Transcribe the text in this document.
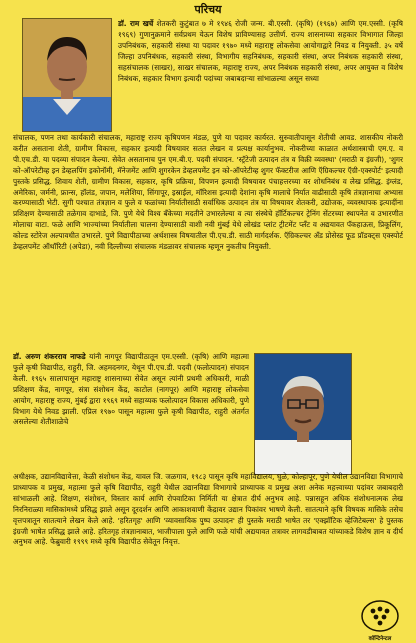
परिचय
डॉ. राम खर्चे शेतकरी कुटुंबात ७ मे १९४६ रोजी जन्म. बी.एस्सी. (कृषि) (१९६७) आणि एम.एस्सी. (कृषि १९६९) गुणानुक्रमाने सर्वप्रथम येऊन विशेष प्राविण्यासह उत्तीर्ण. राज्य शासनाच्या सहकार विभागात जिल्हा उपनिबंधक, सहकारी संस्था या पदावर १९७० मध्ये महाराष्ट्र लोकसेवा आयोगाद्वारे निवड व नियुक्ती. ३५ वर्षे जिल्हा उपनिबंधक, सहकारी संस्था, विभागीय सहनिबंधक, सहकारी संस्था, अपर निबंधक सहकारी संस्था, सहसंचालक (साखर), साखर संचालक, महाराष्ट्र राज्य, अपर निबंधक सहकारी संस्था, अपर आयुक्त व विशेष निबंधक, सहकार विभाग इत्यादी पदांच्या जबाबदाऱ्या सांभाळल्या असून सध्या
संचालक, पणन तथा कार्यकारी संचालक, महाराष्ट्र राज्य कृषिपणन मंडळ, पुणे या पदावर कार्यरत. सुरुवातीपासून शेतीची आवड. शासकीय नोकरी करीत असताना शेती, ग्रामीण विकास, सहकार इत्यादी विषयावर सतत लेखन व प्रत्यक्ष कार्यानुभव. नोकरीच्या काळात अर्थशास्त्राची एम.ए. व पी.एच.डी. या पदव्या संपादन केल्या. सेवेत असतानाच पुन एम.बी.ए. पदवी संपादन. 'स्ट्रॅटेजी उत्पादन तंत्र व विक्री व्यवस्था' (मराठी व इंग्रजी), 'शुगर को-ऑपरेटीव्ह इन डेव्हलपिंग इकोनॉमी, मॅनेजमेंट आणि शुगरकेन डेव्हलपमेंट इन को-ऑपरेटीव्ह शुगर फॅक्टरीज आणि ऍग्रिकल्चर ऍग्री-एक्स्पोर्ट' इत्यादी पुस्तके प्रसिद्ध. शिवाय शेती, ग्रामीण विकास, सहकार, कृषि प्रक्रिया, विपणन इत्यादी विषयावर पंचाहत्तरच्या वर शोधनिबंध व लेख प्रसिद्ध. इंग्लंड, अमेरिका, जर्मनी, फ्रान्स, हॉलंड, जपान, मलेशिया, सिंगापूर, इस्राईल, मॉरिशस इत्यादी देशांना कृषि मालाचे निर्यात वाढीसाठी कृषि तंत्रज्ञानाचा अभ्यास करण्यासाठी भेटी. सुगी पश्चात तंत्रज्ञान व फुले व फळांच्या निर्यातीसाठी सर्वाधिक उत्पादन तंत्र या विषयावर शेतकरी, उद्योजक, व्यवस्थापक इत्यादींना प्रशिक्षण देण्यासाठी तळेगाव दाभाडे, जि. पुणे येथे विश्व बँकेच्या मदतीने उभारलेल्या व त्या संस्थेचे हॉर्टिकल्चर ट्रेनिंग सेंटरच्या स्थापनेत व उभारणीत मोलाचा वाटा. फळे आणि भाज्यांच्या निर्यातीला चालना देण्यासाठी वाशी नवी मुंबई येथे लोखंड प्लांट ट्रीटमेंट प्लँट व अद्ययावत पॅकहाऊस, प्रिकूलिंग, कोल्ड स्टोरेज अल्पावधीत उभारले. पुणे विद्यापीठाच्या अर्थशास्त्र विषयातील पी.एच.डी. साठी मार्गदर्शक. ऍग्रिकल्चर अँड प्रोसेस्ड फूड प्रॉडक्ट्स एक्स्पोर्ट डेव्हलपमेंट ऑथॉरिटी (अपेडा), नवी दिल्लीच्या संचालक मंडळावर संचालक म्हणून नुकतीच नियुक्ती.
डॉ. अरुण शंकरराव नाफडे यांनी नागपूर विद्यापीठातून एम.एस्सी. (कृषि) आणि महात्मा फुले कृषी विद्यापीठ, राहुरी, जि. अहमदनगर, येथून पी.एच.डी. पदवी (फलोत्पादन) संपादन केली. १९६५ सालापासून महाराष्ट्र शासनाच्या सेवेत असून त्यांनी प्रथमी अधिकारी, माळी प्रशिक्षण केंद्र, नागपूर, संत्रा संशोधन केंद्र, काटोल (नागपूर) आणि महाराष्ट्र लोकसेवा आयोग, महाराष्ट्र राज्य, मुंबई द्वारा १९६९ मध्ये सहाय्यक फलोत्पादन विकास अधिकारी, पुणे विभाग येथे निवड झाली. एप्रिल १९७० पासून महात्मा फुले कृषी विद्यापीठ, राहुरी अंतर्गत असलेल्या शेतीशाळेचे
अधीक्षक, उद्यानविद्यावेत्ता, केळी संशोधन केंद्र, यावल जि. जळगाव, १९८३ पासून कृषि महाविद्यालय, धुळे, कोल्हापूर, पुणे येथील उद्यानविद्या विभागाचे प्राध्यापक व प्रमुख, महात्मा फुले कृषि विद्यापीठ, राहुरी येथील उद्यानविद्या विभागाचे प्राध्यापक व प्रमुख अशा अनेक महत्त्वाच्या पदांवर जबाबदारी सांभाळली आहे. शिक्षण, संशोधन, विस्तार कार्य आणि रोपवाटिका निर्मिती या क्षेत्रात दीर्घ अनुभव आहे. पन्नासहून अधिक संशोधनात्मक लेख निरनिराळ्या मासिकांमध्ये प्रसिद्ध झाले असून दूरदर्शन आणि आकाशवाणी केंद्रावर उद्यान पिकांवर भाषणे केली. सातत्याने कृषि विषयक मासिके तसेच वृत्तपत्रातून सातत्याने लेखन केले आहे. 'हरितगृह' आणि 'व्यावसायिक पुष्प उत्पादन' ही पुस्तके मराठी भाषेत तर 'एक्झॉटिक व्हेजिटेबल्स' हे पुस्तक इंग्रजी भाषेत प्रसिद्ध झाले आहे. हरितगृह तंत्रज्ञानाबात, भाजीपाला फुले आणि फळे यांची अद्ययावत तत्रावर लागवडीबाबत यांच्याकडे विशेष ज्ञान व दीर्घ अनुभव आहे. फेब्रुवारी १९९९ मध्ये कृषि विद्यापीठ सेवेतून निवृत्त.
कॉन्टिनेन्टल
